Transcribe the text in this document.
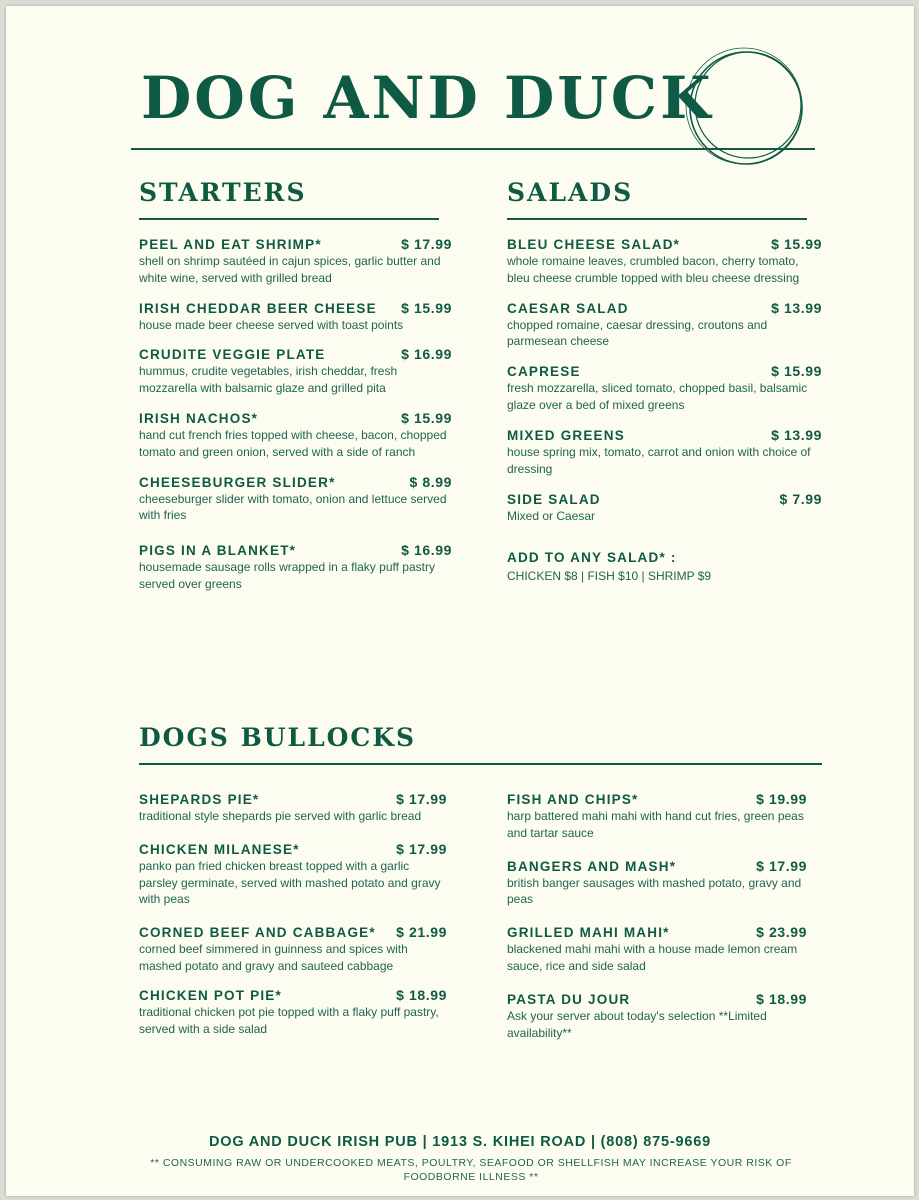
DOG AND DUCK
STARTERS
PEEL AND EAT SHRIMP*	$ 17.99
shell on shrimp sautéed in cajun spices, garlic butter and white wine, served with grilled bread
IRISH CHEDDAR BEER CHEESE $ 15.99
house made beer cheese served with toast points
CRUDITE VEGGIE PLATE	$ 16.99
hummus, crudite vegetables, irish cheddar, fresh mozzarella with balsamic glaze and grilled pita
IRISH NACHOS*	$ 15.99
hand cut french fries topped with cheese, bacon, chopped tomato and green onion, served with a side of ranch
CHEESEBURGER SLIDER*	$ 8.99
cheeseburger slider with tomato, onion and lettuce served with fries
PIGS IN A BLANKET*	$ 16.99
housemade sausage rolls wrapped in a flaky puff pastry served over greens
SALADS
BLEU CHEESE SALAD*	$ 15.99
whole romaine leaves, crumbled bacon, cherry tomato, bleu cheese crumble topped with bleu cheese dressing
CAESAR SALAD	$ 13.99
chopped romaine, caesar dressing, croutons and parmesean cheese
CAPRESE	$ 15.99
fresh mozzarella, sliced tomato, chopped basil, balsamic glaze over a bed of mixed greens
MIXED GREENS	$ 13.99
house spring mix, tomato, carrot and onion with choice of dressing
SIDE SALAD	$ 7.99
Mixed or Caesar
ADD TO ANY SALAD* :
CHICKEN $8 | FISH $10 | SHRIMP $9
DOGS BULLOCKS
SHEPARDS PIE*	$ 17.99
traditional style shepards pie served with garlic bread
CHICKEN MILANESE*	$ 17.99
panko pan fried chicken breast topped with a garlic parsley germinate, served with mashed potato and gravy with peas
CORNED BEEF AND CABBAGE* $ 21.99
corned beef simmered in guinness and spices with mashed potato and gravy and sauteed cabbage
CHICKEN POT PIE*	$ 18.99
traditional chicken pot pie topped with a flaky puff pastry, served with a side salad
FISH AND CHIPS*	$ 19.99
harp battered mahi mahi with hand cut fries, green peas and tartar sauce
BANGERS AND MASH*	$ 17.99
british banger sausages with mashed potato, gravy and peas
GRILLED MAHI MAHI*	$ 23.99
blackened mahi mahi with a house made lemon cream sauce, rice and side salad
PASTA DU JOUR	$ 18.99
Ask your server about today's selection **Limited availability**

DOG AND DUCK IRISH PUB | 1913 S. KIHEI ROAD | (808) 875-9669

** CONSUMING RAW OR UNDERCOOKED MEATS, POULTRY, SEAFOOD OR SHELLFISH MAY INCREASE YOUR RISK OF FOODBORNE ILLNESS **
